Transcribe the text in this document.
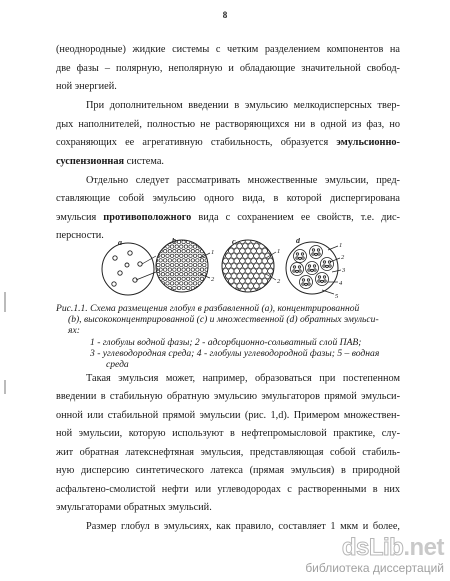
8
(неоднородные) жидкие системы с четким разделением компонентов на
две фазы – полярную, неполярную и обладающие значительной свобод-
ной энергией.
При дополнительном введении в эмульсию мелкодисперсных твер-
дых наполнителей, полностью не растворяющихся ни в одной из фаз, но
сохраняющих ее агрегативную стабильность, образуется эмульсионно-
суспензионная система.
Отдельно следует рассматривать множественные эмульсии, пред-
ставляющие собой эмульсию одного вида, в которой диспергирована
эмульсия противоположного вида с сохранением ее свойств, т.е. дис-
персности.
a	b	c	d
1
3
1
2
1
2
1
2
3
4
5
Рис.1.1. Схема размещения глобул в разбавленной (а), концентрированной
(b), высококонцентрированной (с) и множественной (d) обратных эмульси-
ях:
1 - глобулы водной фазы; 2 - адсорбционно-сольватный слой ПАВ;
3 - углеводородная среда; 4 - глобулы углеводородной фазы; 5 – водная
среда
Такая эмульсия может, например, образоваться при постепенном
введении в стабильную обратную эмульсию эмульгаторов прямой эмульси-
онной или стабильной прямой эмульсии (рис. 1,d). Примером множествен-
ной эмульсии, которую используют в нефтепромысловой практике, слу-
жит обратная латекснефтяная эмульсия, представляющая собой стабиль-
ную дисперсию синтетического латекса (прямая эмульсия) в природной
асфальтено-смолистой нефти или углеводородах с растворенными в них
эмульгаторами обратных эмульсий.
Размер глобул в эмульсиях, как правило, составляет 1 мкм и более,
dsLib.net
библиотека диссертаций
